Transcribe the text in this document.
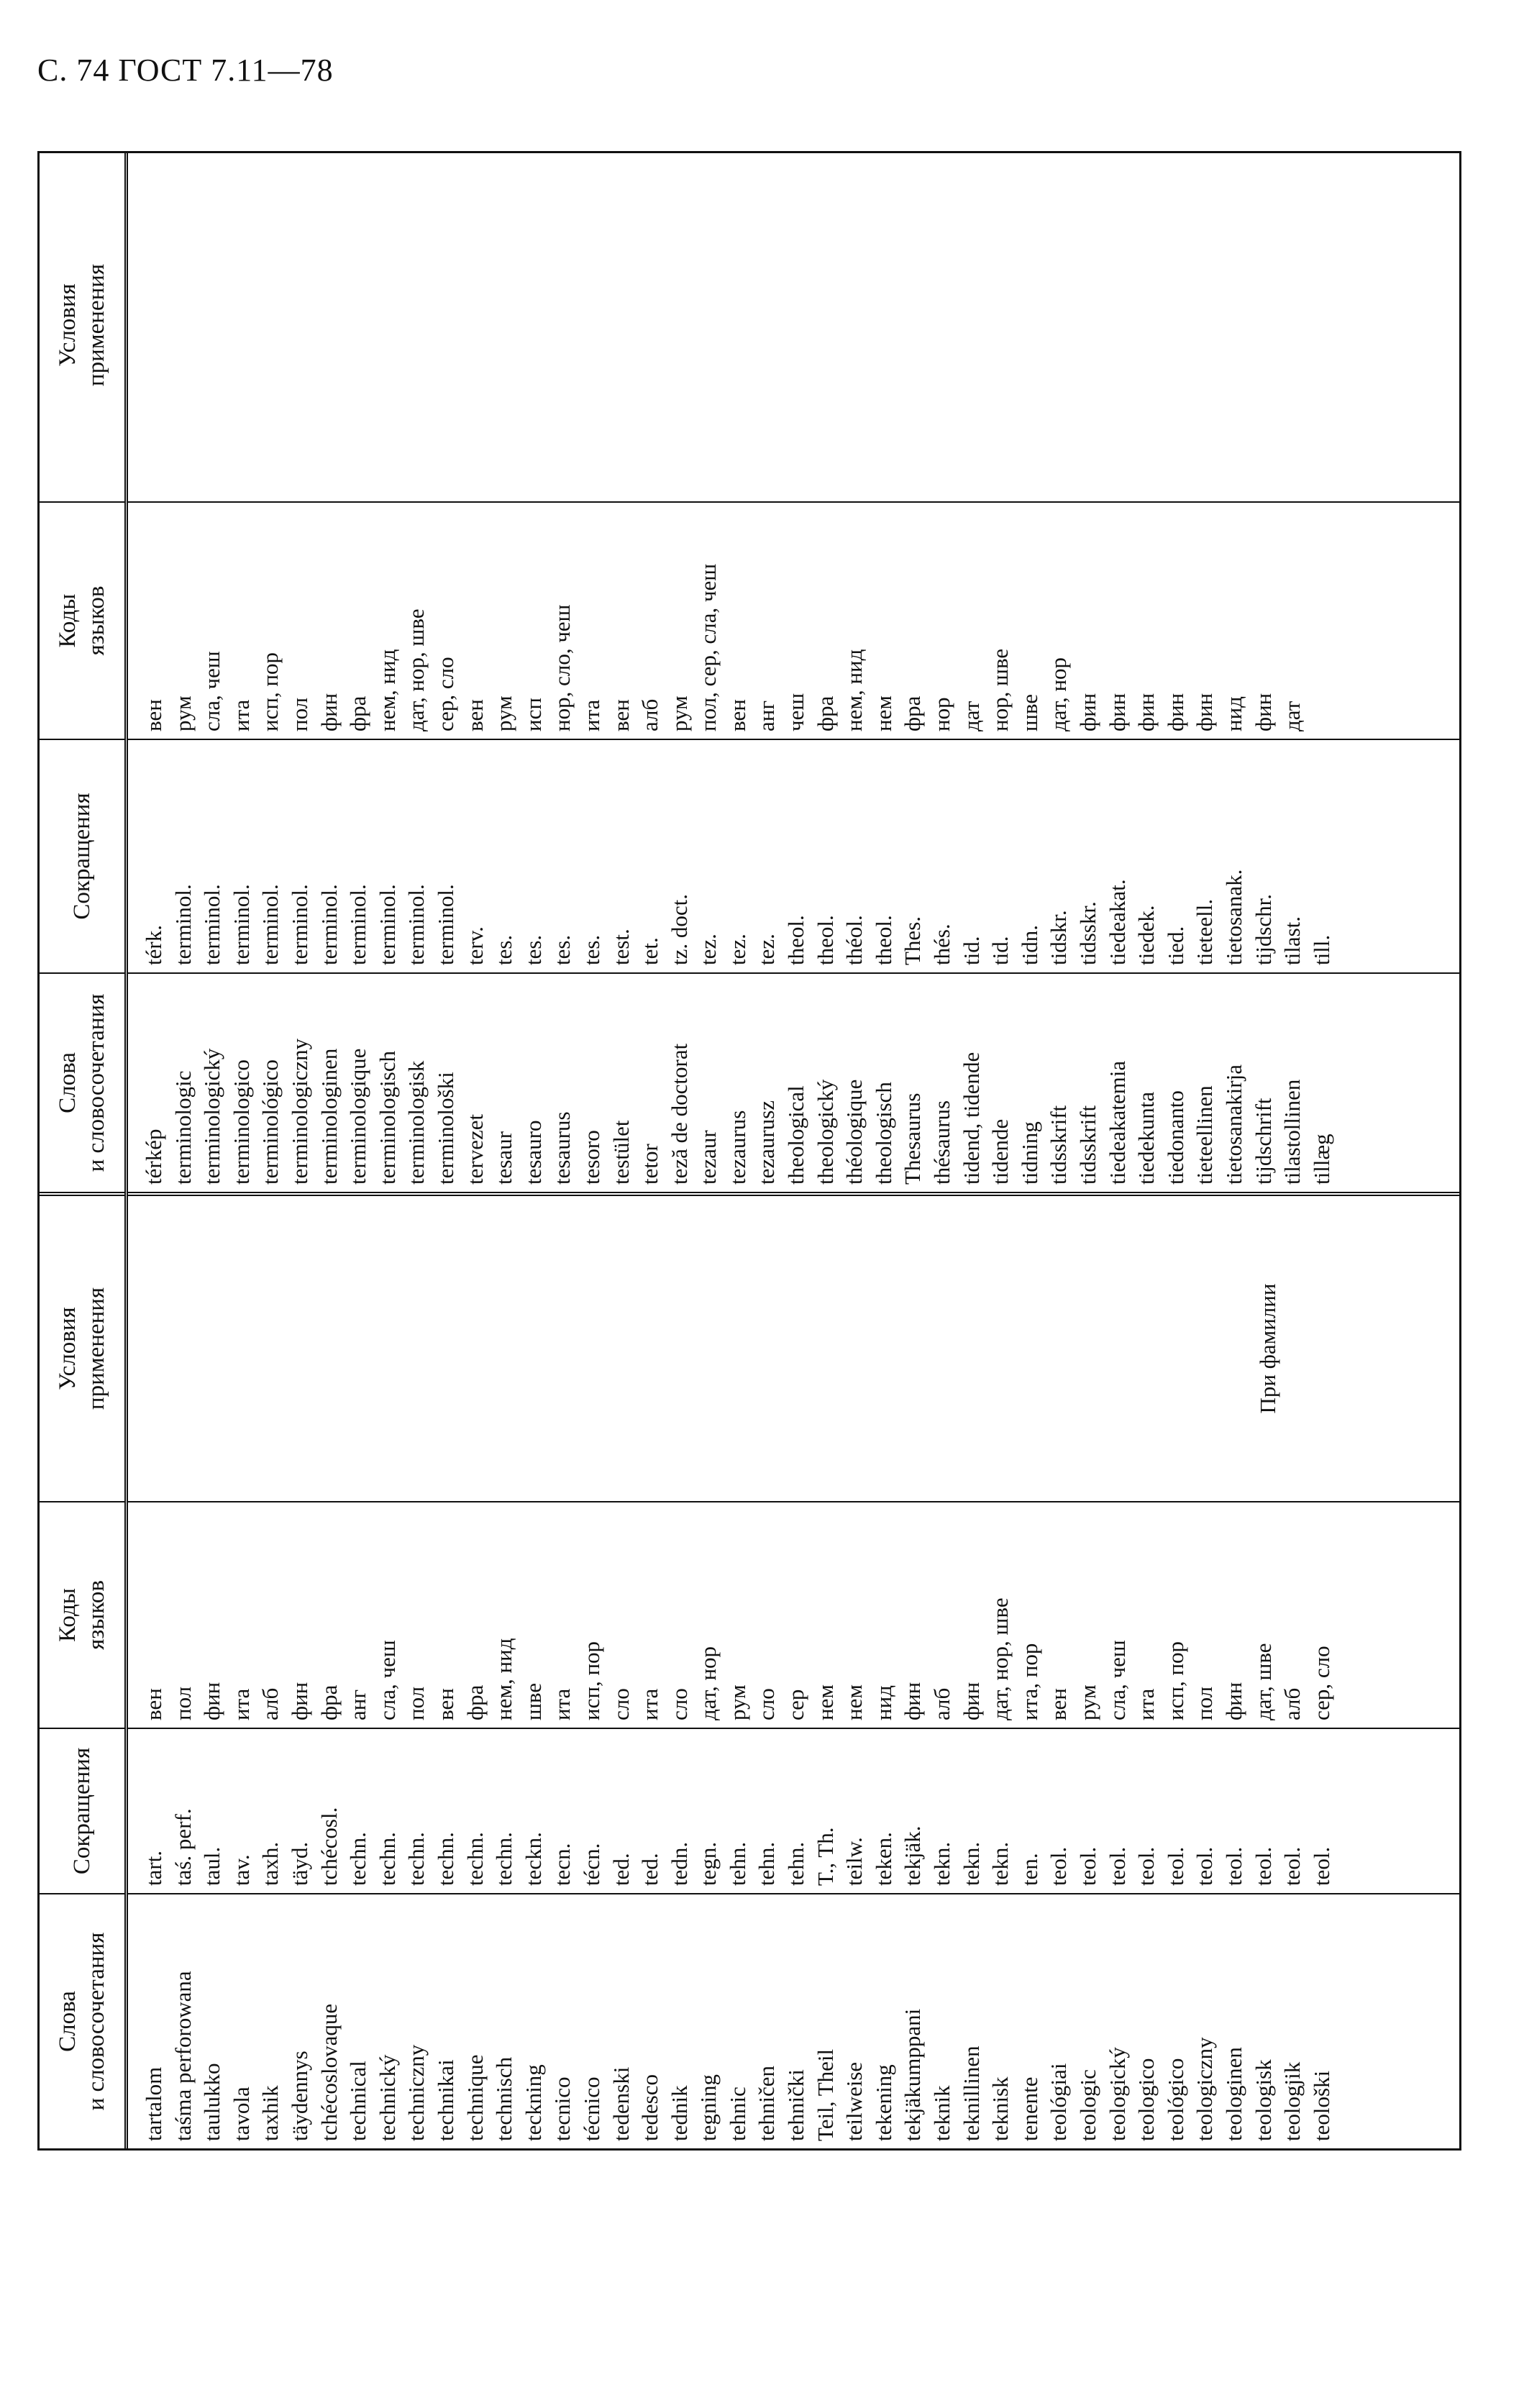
С. 74 ГОСТ 7.11—78
Слова
и словосочетания
Сокращения
Коды
языков
Условия
применения
Слова
и словосочетания
Сокращения
Коды
языков
Условия
применения
tartalom taśma perforowana taulukko tavola taxhik täydennys tchécoslovaque technical technický techniczny technikai technique technisch teckning tecnico técnico tedenski tedesco tednik tegning tehnic tehničen tehnički Teil, Theil teilweise tekening tekjäkumppani teknik teknillinen teknisk tenente teológiai teologic teologický teologico teológico teologiczny teologinen teologisk teologjik teološki
tart. taś. perf. taul. tav. taxh. täyd. tchécosl. techn. techn. techn. techn. techn. techn. teckn. tecn. técn. ted. ted. tedn. tegn. tehn. tehn. tehn. T., Th. teilw. teken. tekjäk. tekn. tekn. tekn. ten. teol. teol. teol. teol. teol. teol. teol. teol. teol. teol.
вен пол фин ита алб фин фра анг сла, чеш пол вен фра нем, нид шве ита исп, пор сло ита сло дат, нор рум сло сер нем нем нид фин алб фин дат, нор, шве ита, пор вен рум сла, чеш ита исп, пор пол фин дат, шве алб сер, сло
При фамилии
térkép terminologic terminologický terminologico terminológico terminologiczny terminologinen terminologique terminologisch terminologisk terminološki tervezet tesaur tesauro tesaurus tesoro testület tetor teză de doctorat tezaur tezaurus tezaurusz theological theologický théologique theologisch Thesaurus thésaurus tidend, tidende tidende tidning tidsskrift tidsskrift tiedeakatemia tiedekunta tiedonanto tieteellinen tietosanakirja tijdschrift tilastollinen tillæg
térk. terminol. terminol. terminol. terminol. terminol. terminol. terminol. terminol. terminol. terminol. terv. tes. tes. tes. tes. test. tet. tz. doct. tez. tez. tez. theol. theol. théol. theol. Thes. thés. tid. tid. tidn. tidskr. tidsskr. tiedeakat. tiedek. tied. tieteell. tietosanak. tijdschr. tilast. till.
вен рум сла, чеш ита исп, пор пол фин фра нем, нид дат, нор, шве сер, сло вен рум исп нор, сло, чеш ита вен алб рум пол, сер, сла, чеш вен анг чеш фра нем, нид нем фра нор дат нор, шве шве дат, нор фин фин фин фин фин нид фин дат
